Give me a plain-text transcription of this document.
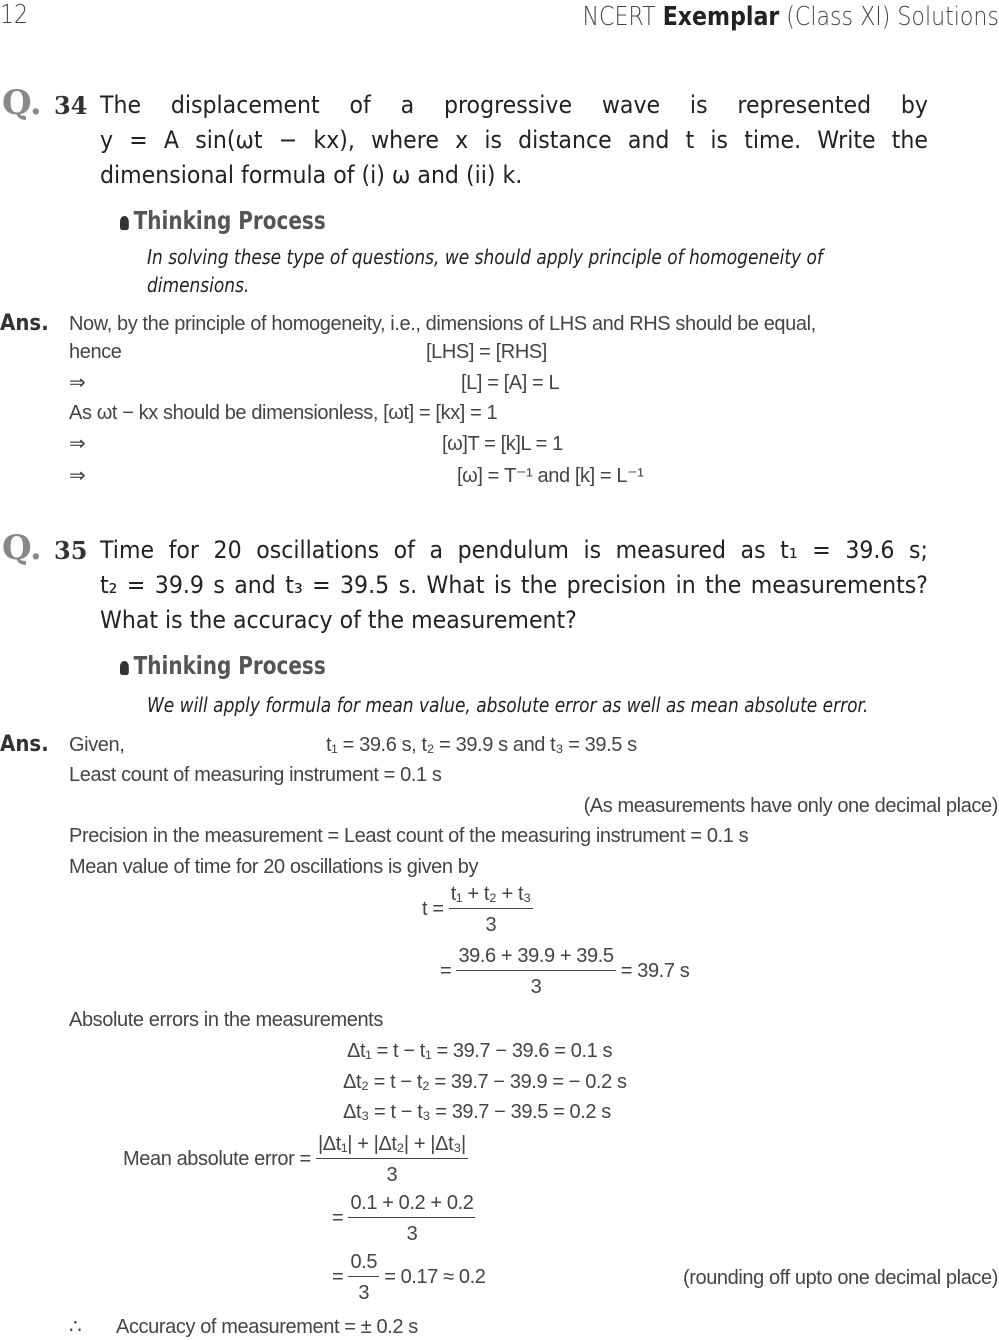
12	NCERT Exemplar (Class XI) Solutions
Q. 34 The displacement of a progressive wave is represented by
y = A sin(ωt − kx), where x is distance and t is time. Write the
dimensional formula of (i) ω and (ii) k.
Thinking Process
In solving these type of questions, we should apply principle of homogeneity of
dimensions.
Ans. Now, by the principle of homogeneity, i.e., dimensions of LHS and RHS should be equal,
hence	[LHS] = [RHS]
⇒	[L] = [A] = L
As ωt − kx should be dimensionless, [ωt] = [kx] = 1
⇒	[ω]T = [k]L = 1
⇒	[ω] = T⁻¹ and [k] = L⁻¹
Q. 35 Time for 20 oscillations of a pendulum is measured as t₁ = 39.6 s;
t₂ = 39.9 s and t₃ = 39.5 s. What is the precision in the measurements?
What is the accuracy of the measurement?
Thinking Process
We will apply formula for mean value, absolute error as well as mean absolute error.
Ans. Given,	t₁ = 39.6 s, t₂ = 39.9 s and t₃ = 39.5 s
Least count of measuring instrument = 0.1 s
(As measurements have only one decimal place)
Precision in the measurement = Least count of the measuring instrument = 0.1 s
Mean value of time for 20 oscillations is given by
$t = \frac{\text{t₁ + t₂ + t₃}}{3}$
= $\frac{39.6 + 39.9 + 39.5}{3} = 39.7$ s
Absolute errors in the measurements
Δt₁ = t − t₁ = 39.7 − 39.6 = 0.1 s
Δt₂ = t − t₂ = 39.7 − 39.9 = − 0.2 s
Δt₃ = t − t₃ = 39.7 − 39.5 = 0.2 s
Mean absolute error = $\frac{\text{|Δt₁| + |Δt₂| + |Δt₃|}}{3}$
= $\frac{0.1 + 0.2 + 0.2}{3}$
= $\frac{0.5}{3} = 0.17 \approx 0.2$	(rounding off upto one decimal place)
∴ Accuracy of measurement = ± 0.2 s
